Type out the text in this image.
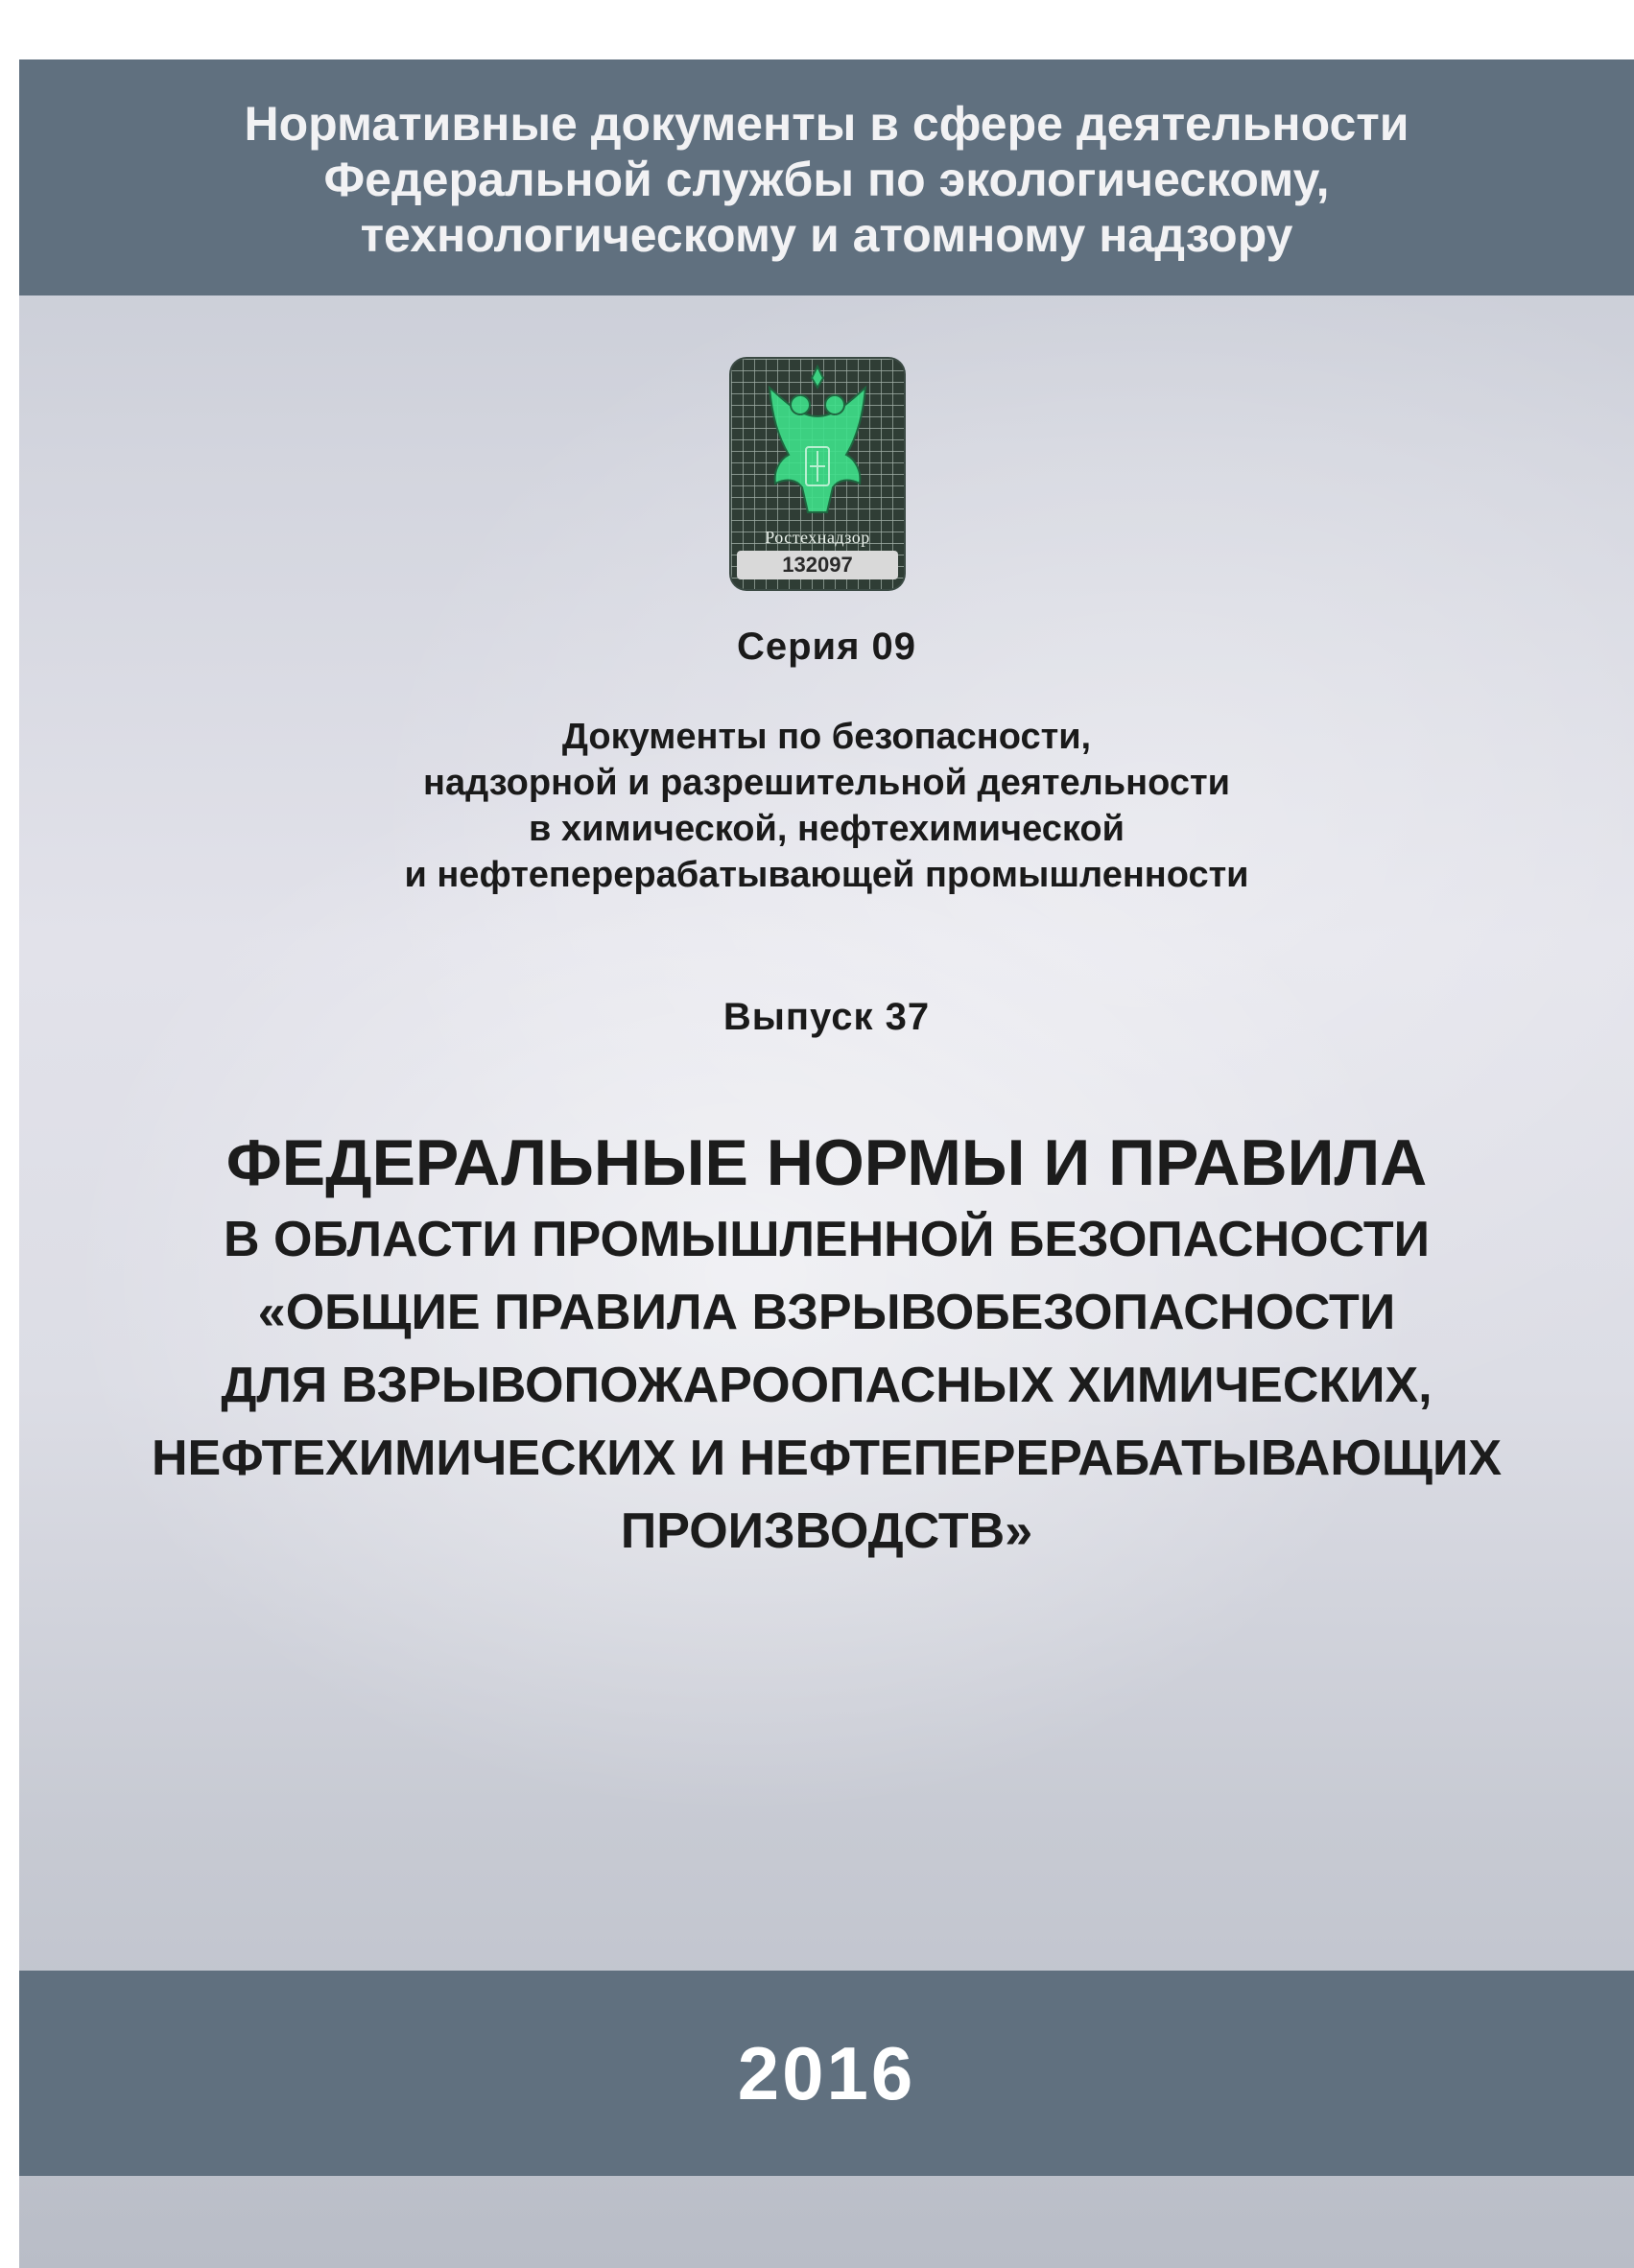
Нормативные документы в сфере деятельности
Федеральной службы по экологическому,
технологическому и атомному надзору
Ростехнадзор
132097
Серия 09
Документы по безопасности,
надзорной и разрешительной деятельности
в химической, нефтехимической
и нефтеперерабатывающей промышленности
Выпуск 37
ФЕДЕРАЛЬНЫЕ НОРМЫ И ПРАВИЛА
В ОБЛАСТИ ПРОМЫШЛЕННОЙ БЕЗОПАСНОСТИ
«ОБЩИЕ ПРАВИЛА ВЗРЫВОБЕЗОПАСНОСТИ
ДЛЯ ВЗРЫВОПОЖАРООПАСНЫХ ХИМИЧЕСКИХ,
НЕФТЕХИМИЧЕСКИХ И НЕФТЕПЕРЕРАБАТЫВАЮЩИХ
ПРОИЗВОДСТВ»
2016
